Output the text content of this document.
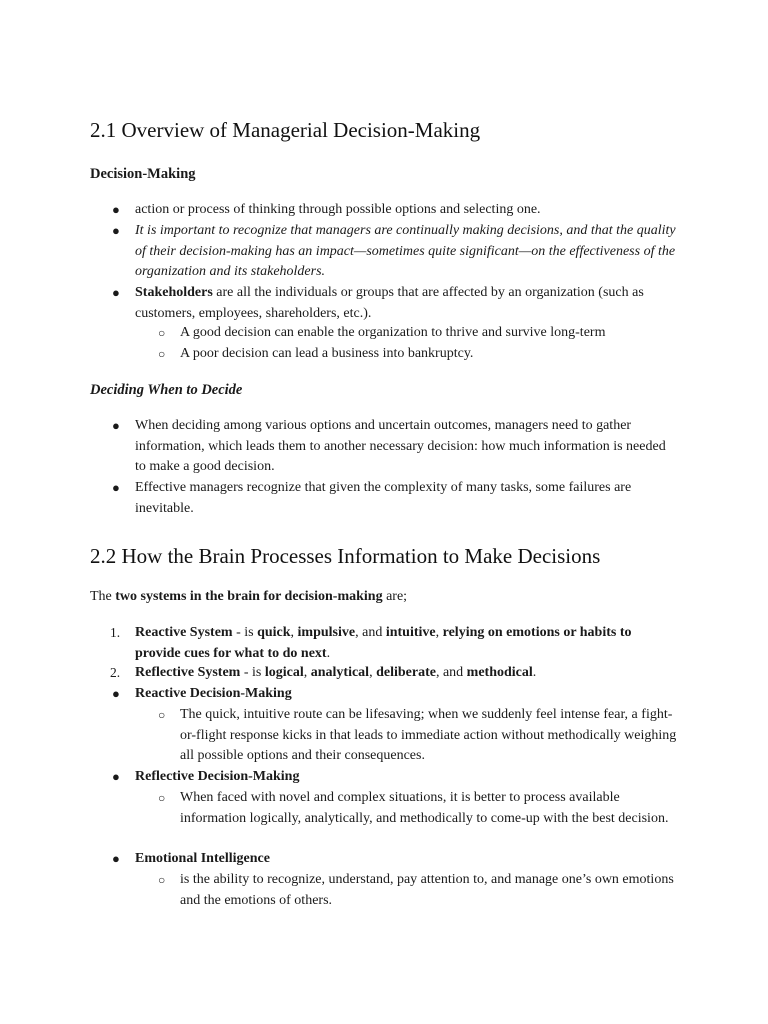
2.1 Overview of Managerial Decision-Making
Decision-Making
● action or process of thinking through possible options and selecting one.
● It is important to recognize that managers are continually making decisions, and that the quality of their decision-making has an impact—sometimes quite significant—on the effectiveness of the organization and its stakeholders.
● Stakeholders are all the individuals or groups that are affected by an organization (such as customers, employees, shareholders, etc.).
○ A good decision can enable the organization to thrive and survive long-term
○ A poor decision can lead a business into bankruptcy.
Deciding When to Decide
● When deciding among various options and uncertain outcomes, managers need to gather information, which leads them to another necessary decision: how much information is needed to make a good decision.
● Effective managers recognize that given the complexity of many tasks, some failures are inevitable.
2.2 How the Brain Processes Information to Make Decisions
The two systems in the brain for decision-making are;
1. Reactive System - is quick, impulsive, and intuitive, relying on emotions or habits to provide cues for what to do next.
2. Reflective System - is logical, analytical, deliberate, and methodical.
● Reactive Decision-Making
○ The quick, intuitive route can be lifesaving; when we suddenly feel intense fear, a fight-or-flight response kicks in that leads to immediate action without methodically weighing all possible options and their consequences.
● Reflective Decision-Making
○ When faced with novel and complex situations, it is better to process available information logically, analytically, and methodically to come-up with the best decision.
● Emotional Intelligence
○ is the ability to recognize, understand, pay attention to, and manage one’s own emotions and the emotions of others.
